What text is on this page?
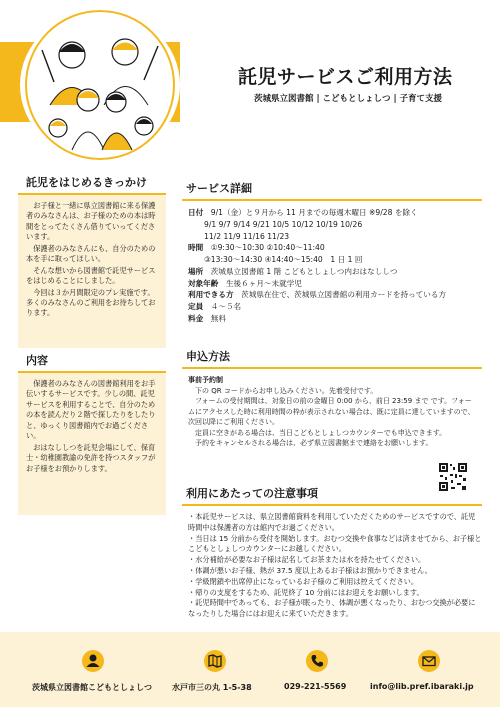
託児サービスご利用方法
茨城県立図書館 | こどもとしょしつ | 子育て支援
託児をはじめるきっかけ

お子様と一緒に県立図書館に来る保護者のみなさんは、お子様のための本は時間をとってたくさん借りていってくださいます。

保護者のみなさんにも、自分のための本を手に取ってほしい。

そんな想いから図書館で託児サービスをはじめることにしました。

今回は３か月間限定のプレ実施です。多くのみなさんのご利用をお待ちしております。

内容

保護者のみなさんの図書館利用をお手伝いするサービスです。少しの間、託児サービスを利用することで、自分のための本を読んだり２階で探したりをしたりと、ゆっくり図書館内でお過ごください。

おはなししつを託児会場にして、保育士・幼稚園教諭の免許を持つスタッフがお子様をお預かりします。

サービス詳細
日付　 9/1（金）と９月から 11 月までの毎週木曜日 ※9/28 を除く
9/1 9/7 9/14 9/21 10/5 10/12 10/19 10/26
11/2 11/9 11/16 11/23
時間　 ①9:30～10:30 ②10:40～11:40
③13:30～14:30 ④14:40～15:40　1 日 1 回
場所　 茨城県立図書館 1 階 こどもとしょしつ内おはなししつ
対象年齢　 生後６ヶ月～未就学児
利用できる方　 茨城県在住で、茨城県立図書館の利用カードを持っている方
定員　 ４～５名
料金　 無料
申込方法
事前予約制

下の QR コードからお申し込みください。先着受付です。

フォームの受付期間は、対象日の前の金曜日 0:00 から、前日 23:59 まで です。フォームにアクセスした時に利用時間の枠が表示されない場合は、既に定員に達していますので、次回以降にご利用ください。

定員に空きがある場合は、当日こどもとしょしつカウンターでも申込できます。

予約をキャンセルされる場合は、必ず県立図書館まで連絡をお願いします。

利用にあたっての注意事項

・本託児サービスは、県立図書館資料を利用していただくためのサービスですので、託児時間中は保護者の方は館内でお過ごください。

・当日は 15 分前から受付を開始します。おむつ交換や食事などは済ませてから、お子様とこどもとしょしつカウンターにお越しください。

・水分補給が必要なお子様は記名してお茶または水を持たせてください。

・体調が悪いお子様、熱が 37.5 度以上あるお子様はお預かりできません。

・学級閉鎖や出席停止になっているお子様のご利用は控えてください。

・帰りの支度をするため、託児終了 10 分前にはお迎えをお願いします。

・託児時間中であっても、お子様が眠ったり、体調が悪くなったり、おむつ交換が必要になったりした場合にはお迎えに来ていただきます。

茨城県立図書館こどもとしょしつ	水戸市三の丸 1-5-38	029-221-5569	info@lib.pref.ibaraki.jp
